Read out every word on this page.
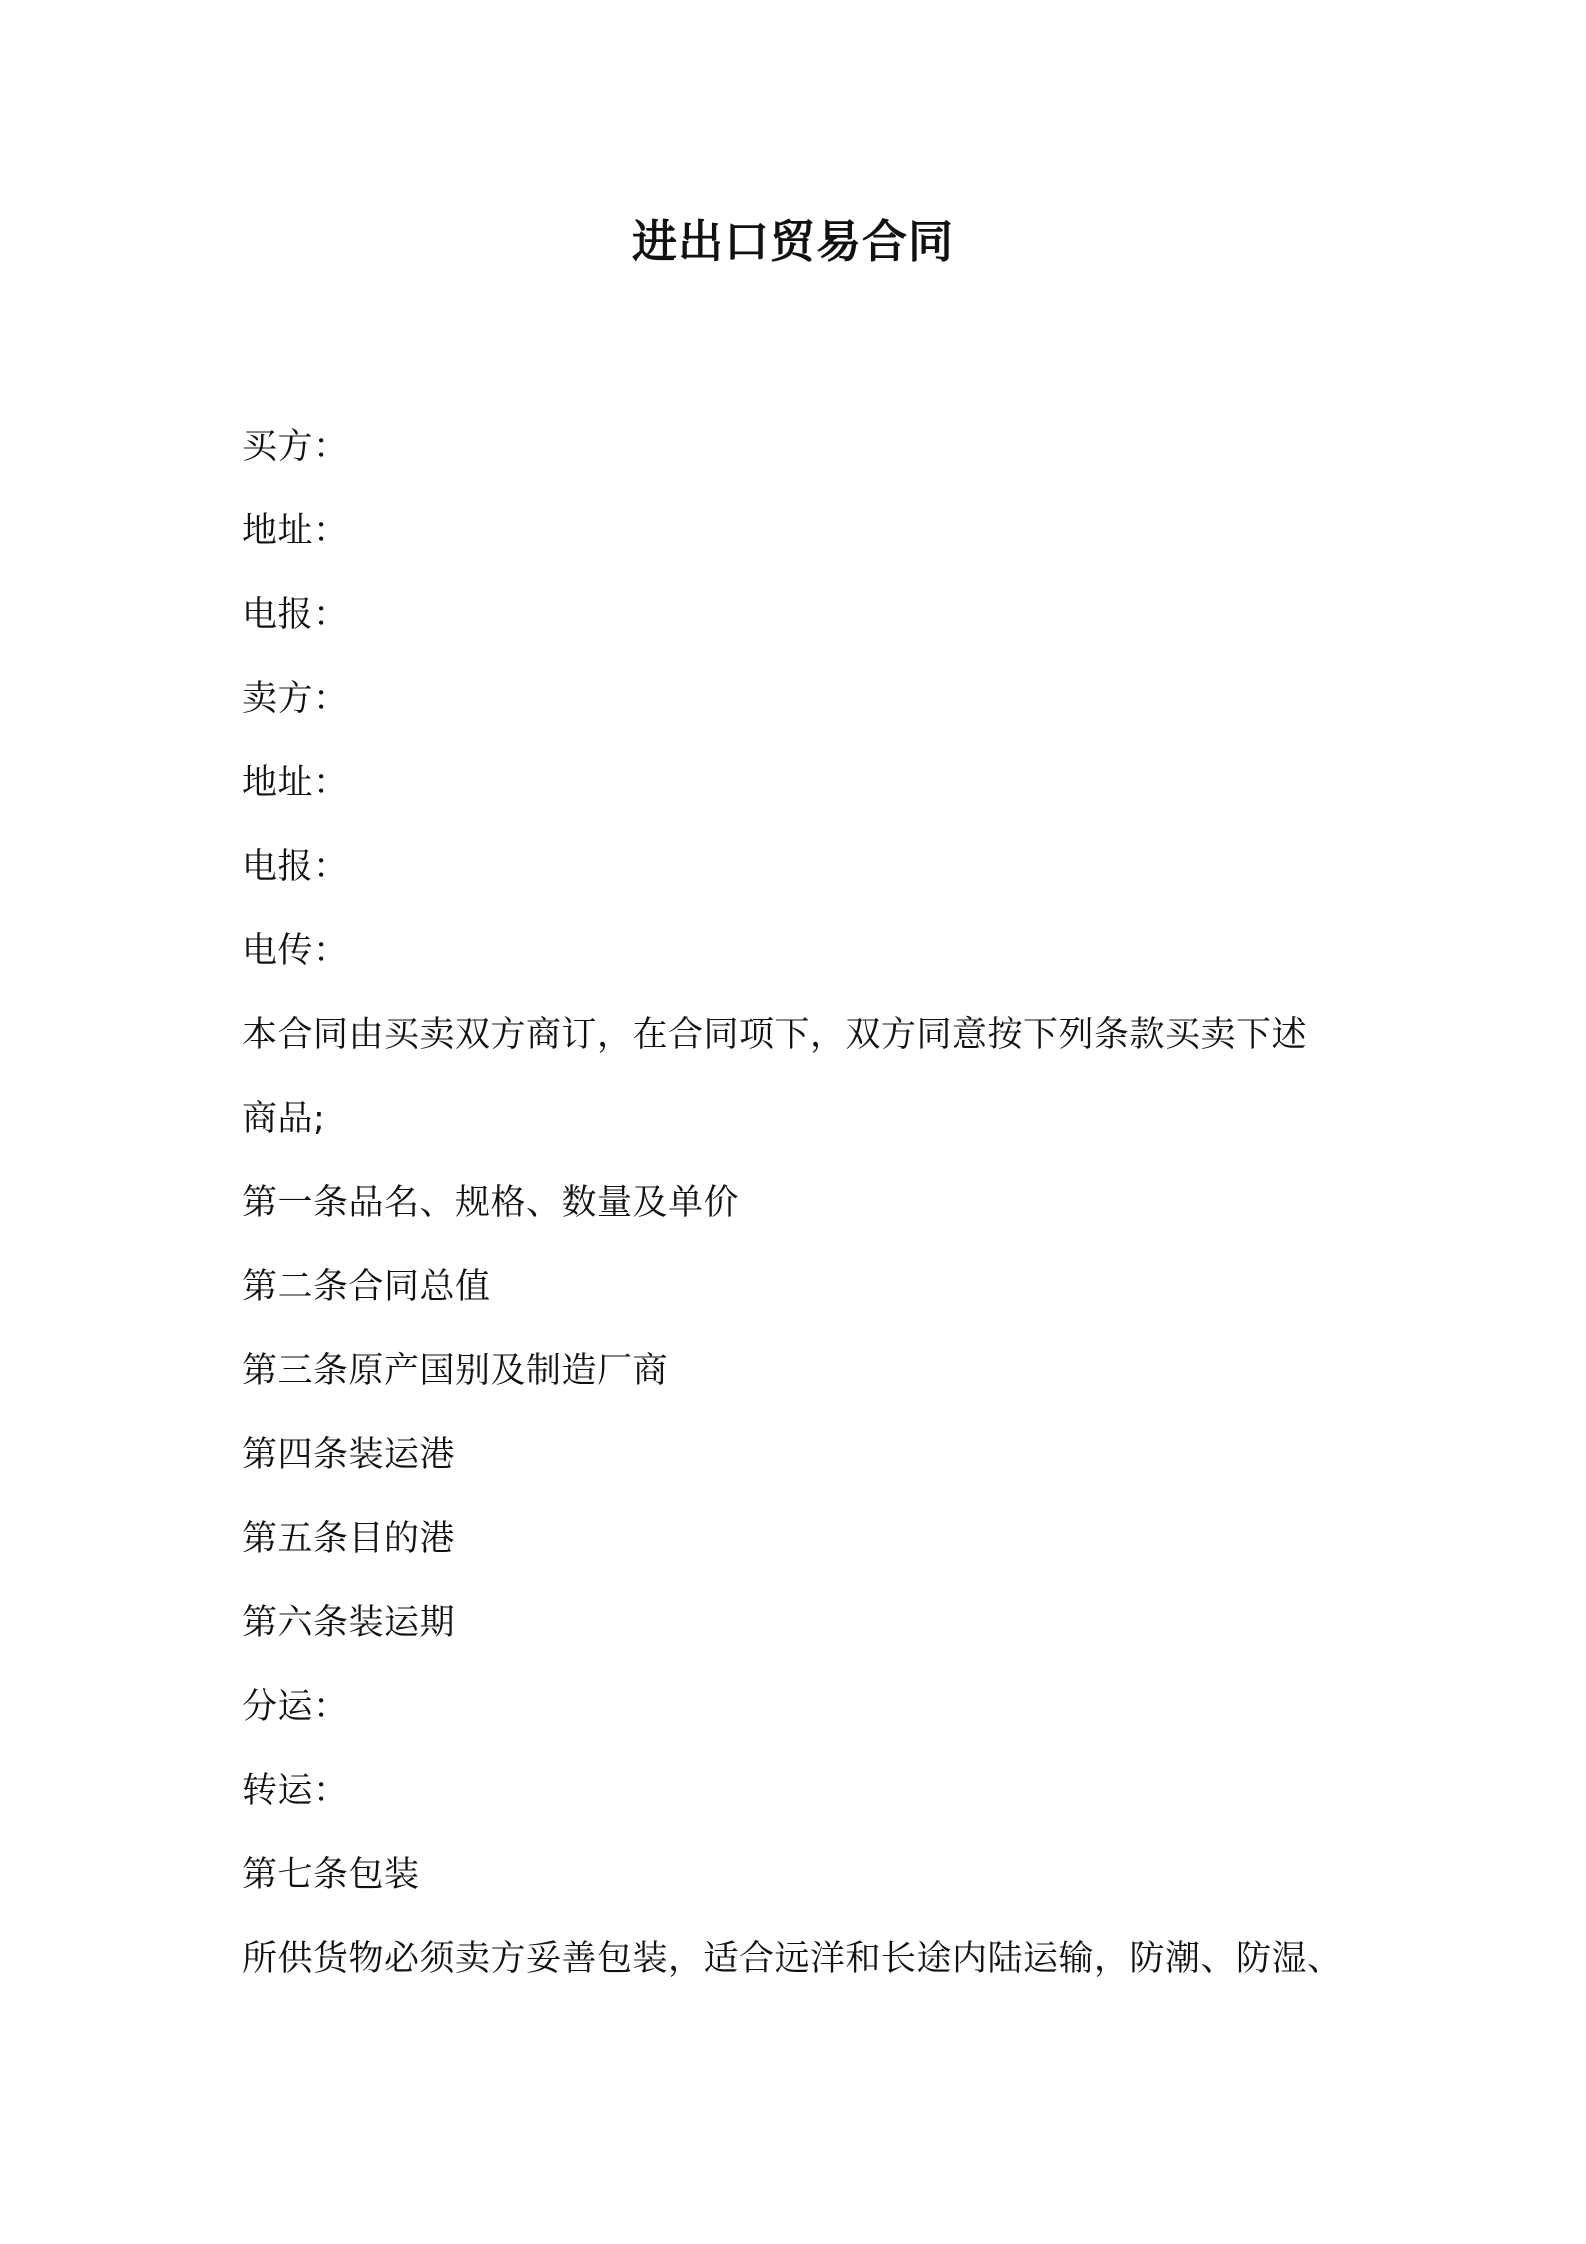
进出口贸易合同

买方：

地址：

电报：

卖方：

地址：

电报：

电传：

本合同由买卖双方商订，在合同项下，双方同意按下列条款买卖下述

商品;

第一条品名、规格、数量及单价

第二条合同总值

第三条原产国别及制造厂商

第四条装运港

第五条目的港

第六条装运期

分运：

转运：

第七条包装

所供货物必须卖方妥善包装，适合远洋和长途内陆运输，防潮、防湿、
